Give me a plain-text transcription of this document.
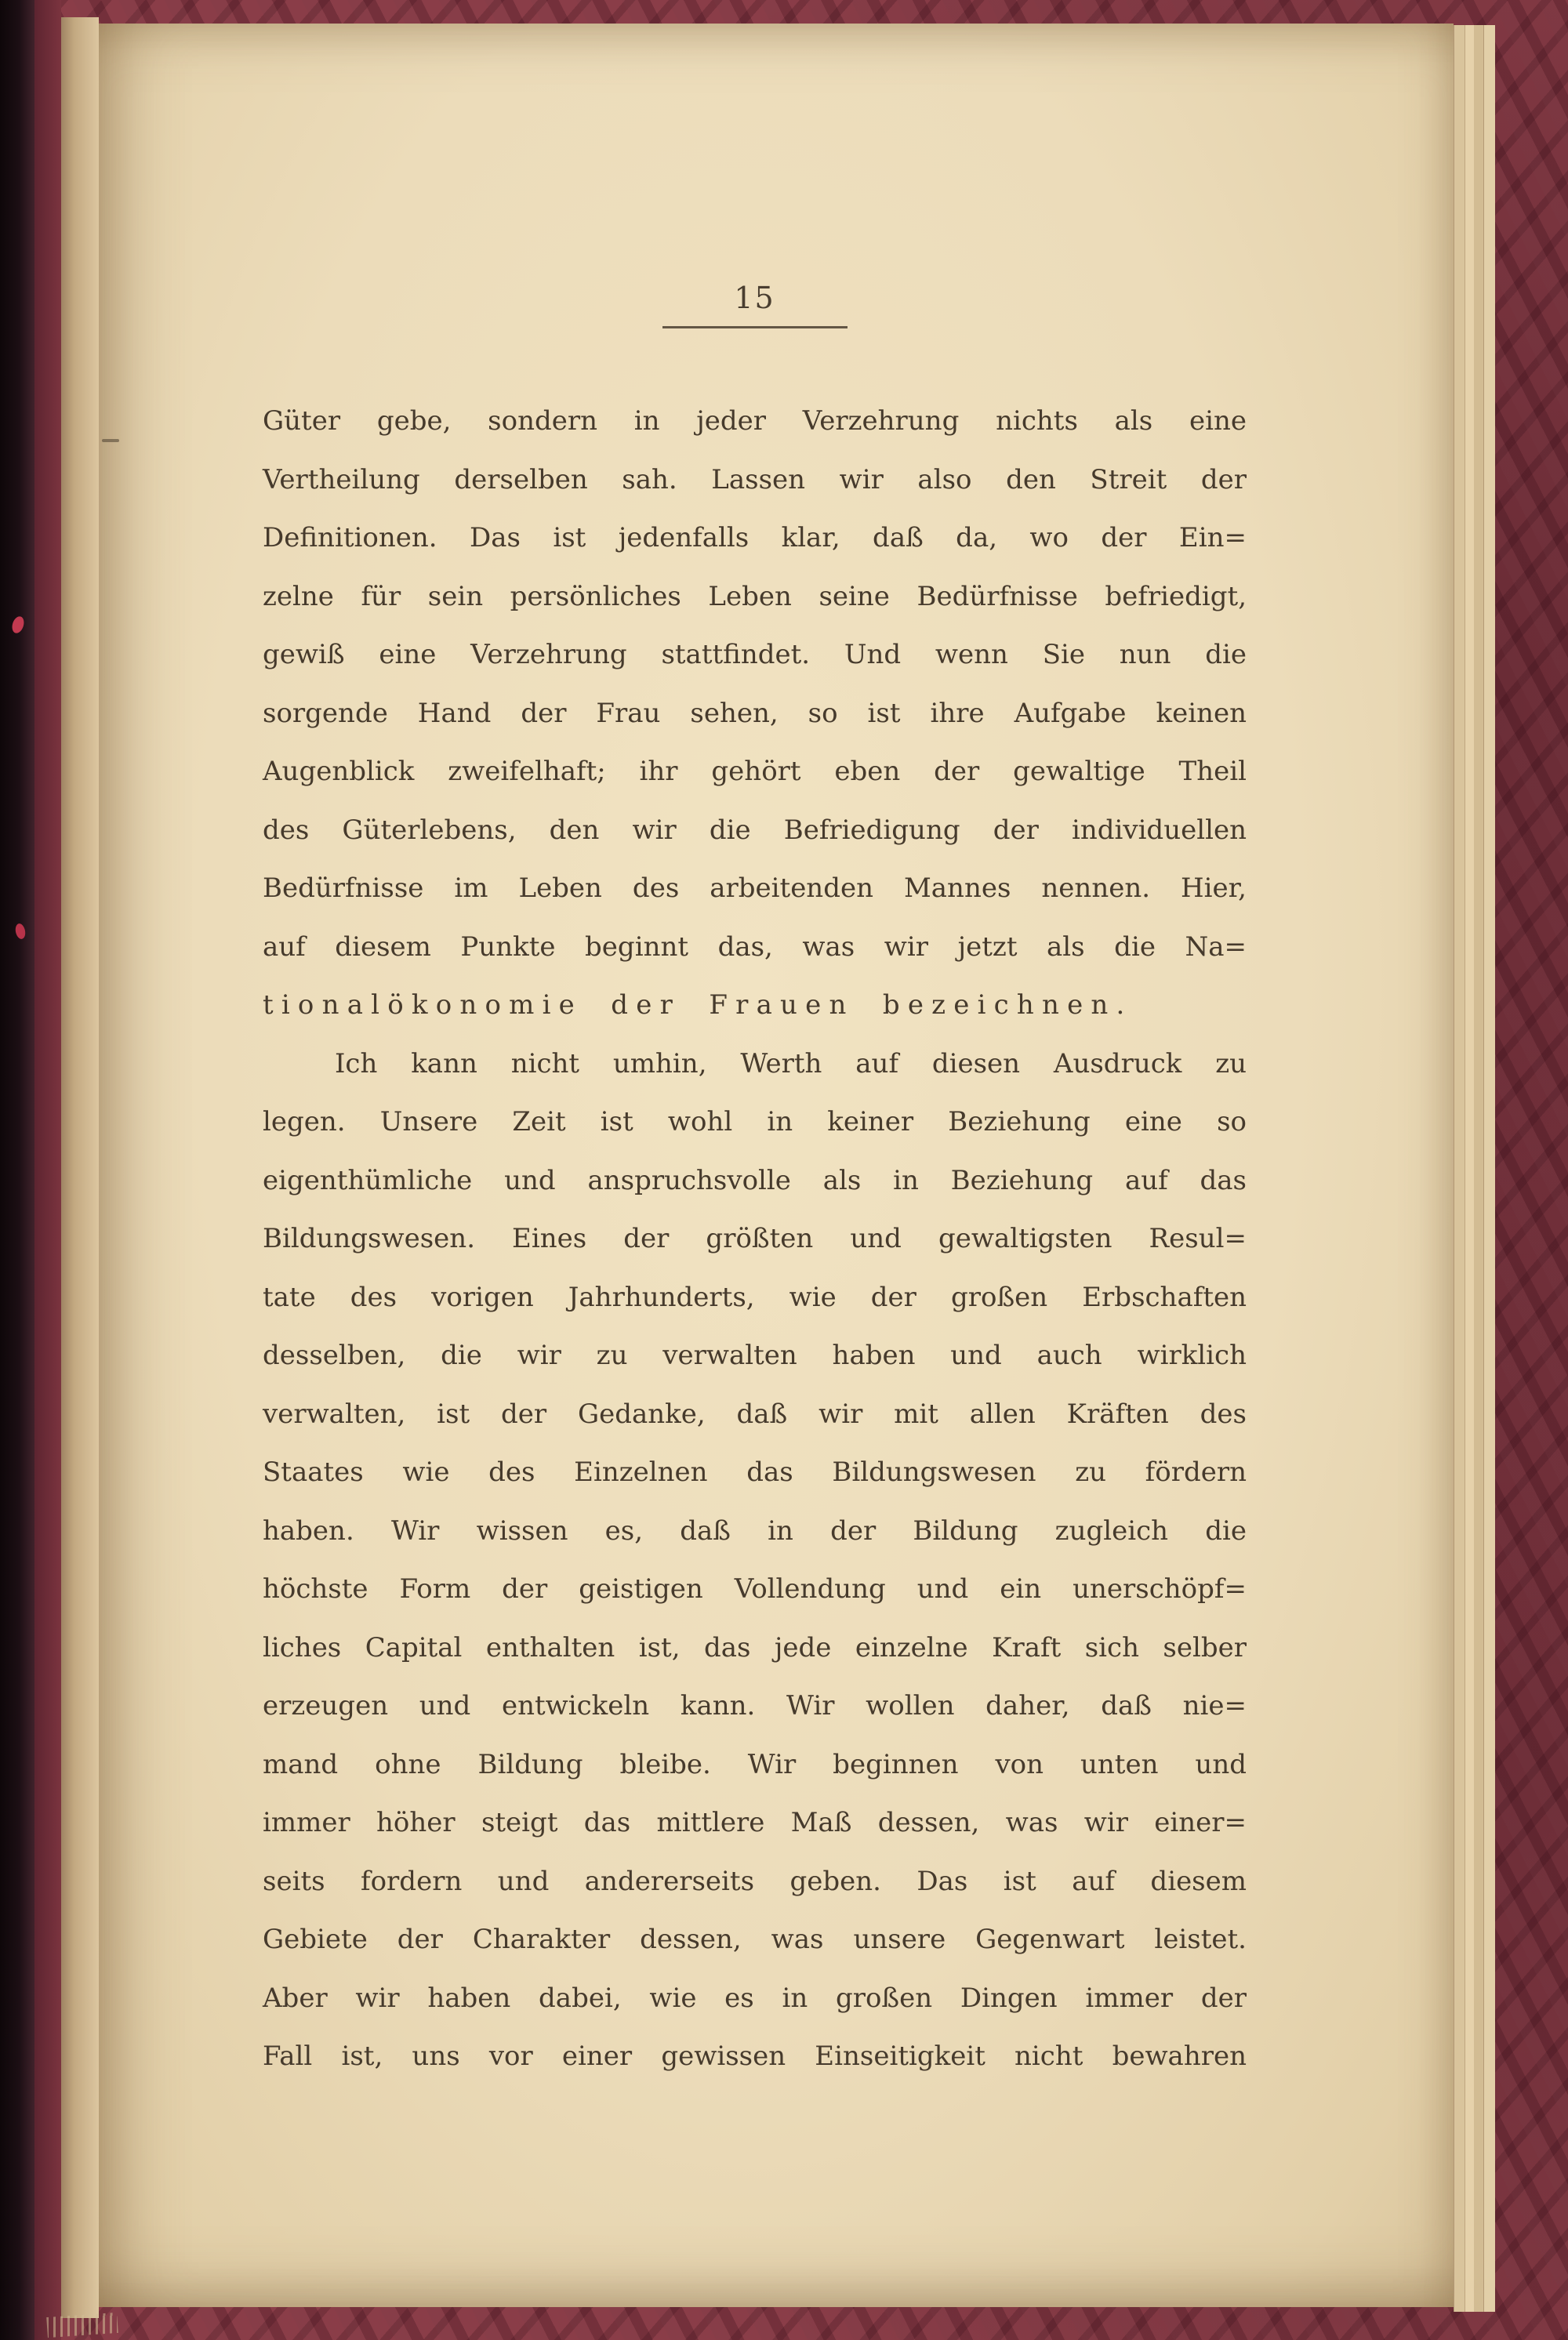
15
Güter gebe, sondern in jeder Verzehrung nichts als eine
Vertheilung derselben sah. Lassen wir also den Streit der
Definitionen. Das ist jedenfalls klar, daß da, wo der Ein=
zelne für sein persönliches Leben seine Bedürfnisse befriedigt,
gewiß eine Verzehrung stattfindet. Und wenn Sie nun die
sorgende Hand der Frau sehen, so ist ihre Aufgabe keinen
Augenblick zweifelhaft; ihr gehört eben der gewaltige Theil
des Güterlebens, den wir die Befriedigung der individuellen
Bedürfnisse im Leben des arbeitenden Mannes nennen. Hier,
auf diesem Punkte beginnt das, was wir jetzt als die Na=
tionalökonomie der Frauen bezeichnen.
Ich kann nicht umhin, Werth auf diesen Ausdruck zu
legen. Unsere Zeit ist wohl in keiner Beziehung eine so
eigenthümliche und anspruchsvolle als in Beziehung auf das
Bildungswesen. Eines der größten und gewaltigsten Resul=
tate des vorigen Jahrhunderts, wie der großen Erbschaften
desselben, die wir zu verwalten haben und auch wirklich
verwalten, ist der Gedanke, daß wir mit allen Kräften des
Staates wie des Einzelnen das Bildungswesen zu fördern
haben. Wir wissen es, daß in der Bildung zugleich die
höchste Form der geistigen Vollendung und ein unerschöpf=
liches Capital enthalten ist, das jede einzelne Kraft sich selber
erzeugen und entwickeln kann. Wir wollen daher, daß nie=
mand ohne Bildung bleibe. Wir beginnen von unten und
immer höher steigt das mittlere Maß dessen, was wir einer=
seits fordern und andererseits geben. Das ist auf diesem
Gebiete der Charakter dessen, was unsere Gegenwart leistet.
Aber wir haben dabei, wie es in großen Dingen immer der
Fall ist, uns vor einer gewissen Einseitigkeit nicht bewahren
